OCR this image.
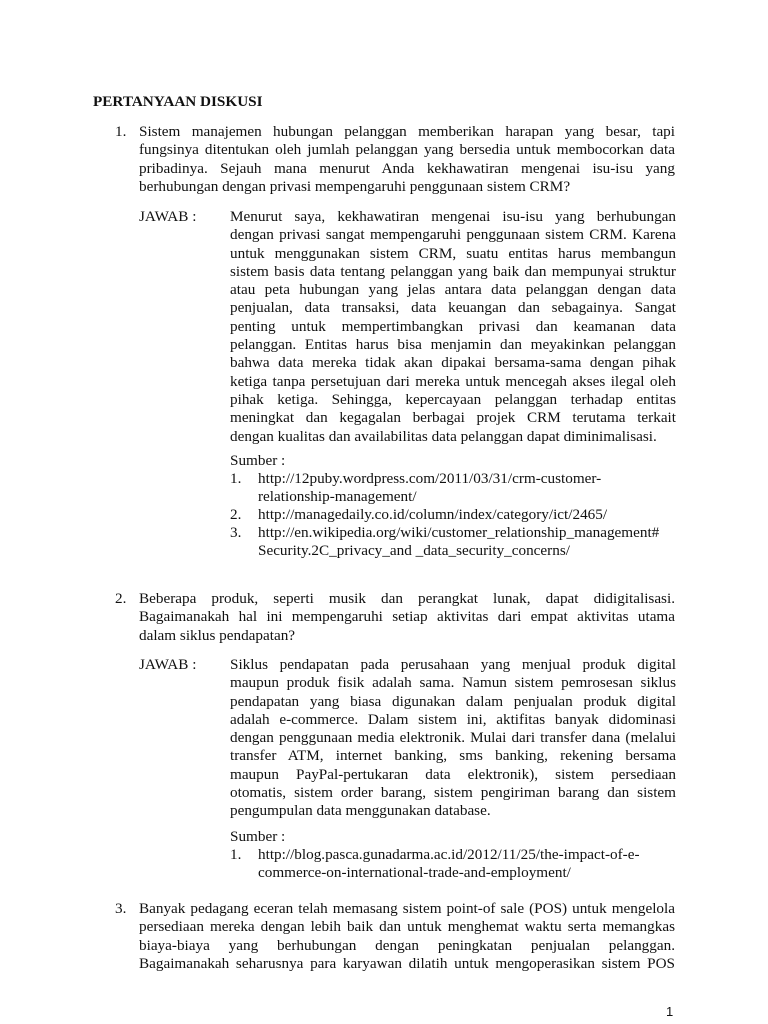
PERTANYAAN DISKUSI
1. Sistem manajemen hubungan pelanggan memberikan harapan yang besar, tapi
fungsinya ditentukan oleh jumlah pelanggan yang bersedia untuk membocorkan data
pribadinya. Sejauh mana menurut Anda kekhawatiran mengenai isu-isu yang
berhubungan dengan privasi mempengaruhi penggunaan sistem CRM?
JAWAB : Menurut saya, kekhawatiran mengenai isu-isu yang berhubungan
dengan privasi sangat mempengaruhi penggunaan sistem CRM. Karena
untuk menggunakan sistem CRM, suatu entitas harus membangun
sistem basis data tentang pelanggan yang baik dan mempunyai struktur
atau peta hubungan yang jelas antara data pelanggan dengan data
penjualan, data transaksi, data keuangan dan sebagainya. Sangat
penting untuk mempertimbangkan privasi dan keamanan data
pelanggan. Entitas harus bisa menjamin dan meyakinkan pelanggan
bahwa data mereka tidak akan dipakai bersama-sama dengan pihak
ketiga tanpa persetujuan dari mereka untuk mencegah akses ilegal oleh
pihak ketiga. Sehingga, kepercayaan pelanggan terhadap entitas
meningkat dan kegagalan berbagai projek CRM terutama terkait
dengan kualitas dan availabilitas data pelanggan dapat diminimalisasi.
Sumber :
1. http://12puby.wordpress.com/2011/03/31/crm-customer-
relationship-management/
2. http://managedaily.co.id/column/index/category/ict/2465/
3. http://en.wikipedia.org/wiki/customer_relationship_management#
Security.2C_privacy_and _data_security_concerns/
2. Beberapa produk, seperti musik dan perangkat lunak, dapat didigitalisasi.
Bagaimanakah hal ini mempengaruhi setiap aktivitas dari empat aktivitas utama
dalam siklus pendapatan?
JAWAB : Siklus pendapatan pada perusahaan yang menjual produk digital
maupun produk fisik adalah sama. Namun sistem pemrosesan siklus
pendapatan yang biasa digunakan dalam penjualan produk digital
adalah e-commerce. Dalam sistem ini, aktifitas banyak didominasi
dengan penggunaan media elektronik. Mulai dari transfer dana (melalui
transfer ATM, internet banking, sms banking, rekening bersama
maupun PayPal-pertukaran data elektronik), sistem persediaan
otomatis, sistem order barang, sistem pengiriman barang dan sistem
pengumpulan data menggunakan database.
Sumber :
1. http://blog.pasca.gunadarma.ac.id/2012/11/25/the-impact-of-e-
commerce-on-international-trade-and-employment/
3. Banyak pedagang eceran telah memasang sistem point-of sale (POS) untuk mengelola
persediaan mereka dengan lebih baik dan untuk menghemat waktu serta memangkas
biaya-biaya yang berhubungan dengan peningkatan penjualan pelanggan.
Bagaimanakah seharusnya para karyawan dilatih untuk mengoperasikan sistem POS
1
